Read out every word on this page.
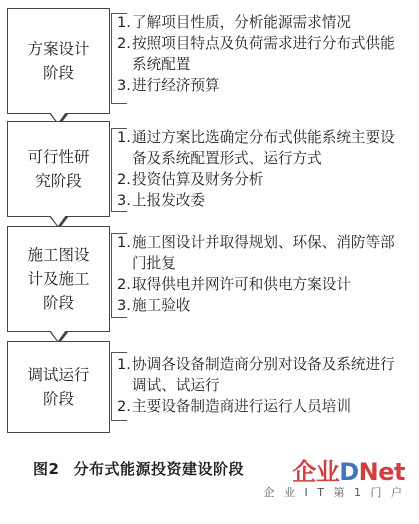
方案设计
阶段
1. 了解项目性质，分析能源需求情况
2. 按照项目特点及负荷需求进行分布式供能系统配置
3. 进行经济预算
可行性研
究阶段
1. 通过方案比选确定分布式供能系统主要设备及系统配置形式、运行方式
2. 投资估算及财务分析
3. 上报发改委
施工图设
计及施工
阶段
1. 施工图设计并取得规划、环保、消防等部门批复
2. 取得供电并网许可和供电方案设计
3. 施工验收
调试运行
阶段
1. 协调各设备制造商分别对设备及系统进行调试、试运行
2. 主要设备制造商进行运行人员培训
图2 分布式能源投资建设阶段 企业DNet
企 业 I T 第 1 门 户
